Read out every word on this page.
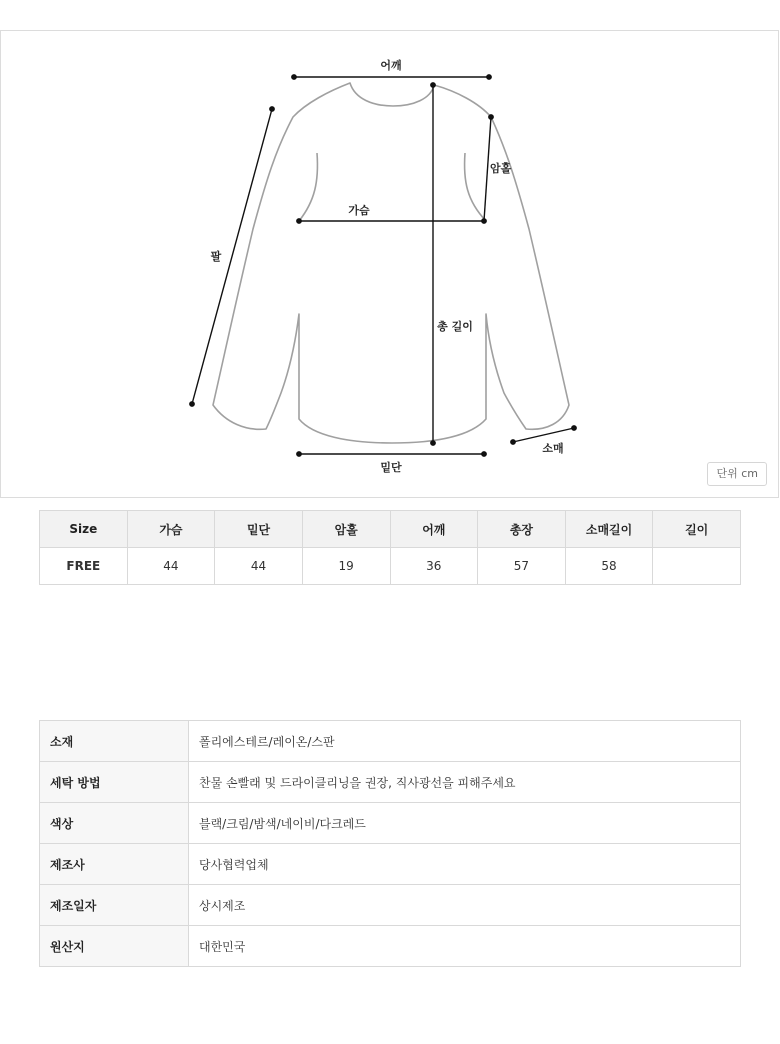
어깨
암홀
가슴
팔
총 길이
소매
밑단	단위 cm
Size	가슴	밑단	암홀	어깨	총장	소매길이	길이
FREE	44	44	19	36	57	58	
소재	폴리에스테르/레이온/스판
세탁 방법	찬물 손빨래 및 드라이클리닝을 권장, 직사광선을 피해주세요
색상	블랙/크림/밤색/네이비/다크레드
제조사	당사협력업체
제조일자	상시제조
원산지	대한민국
